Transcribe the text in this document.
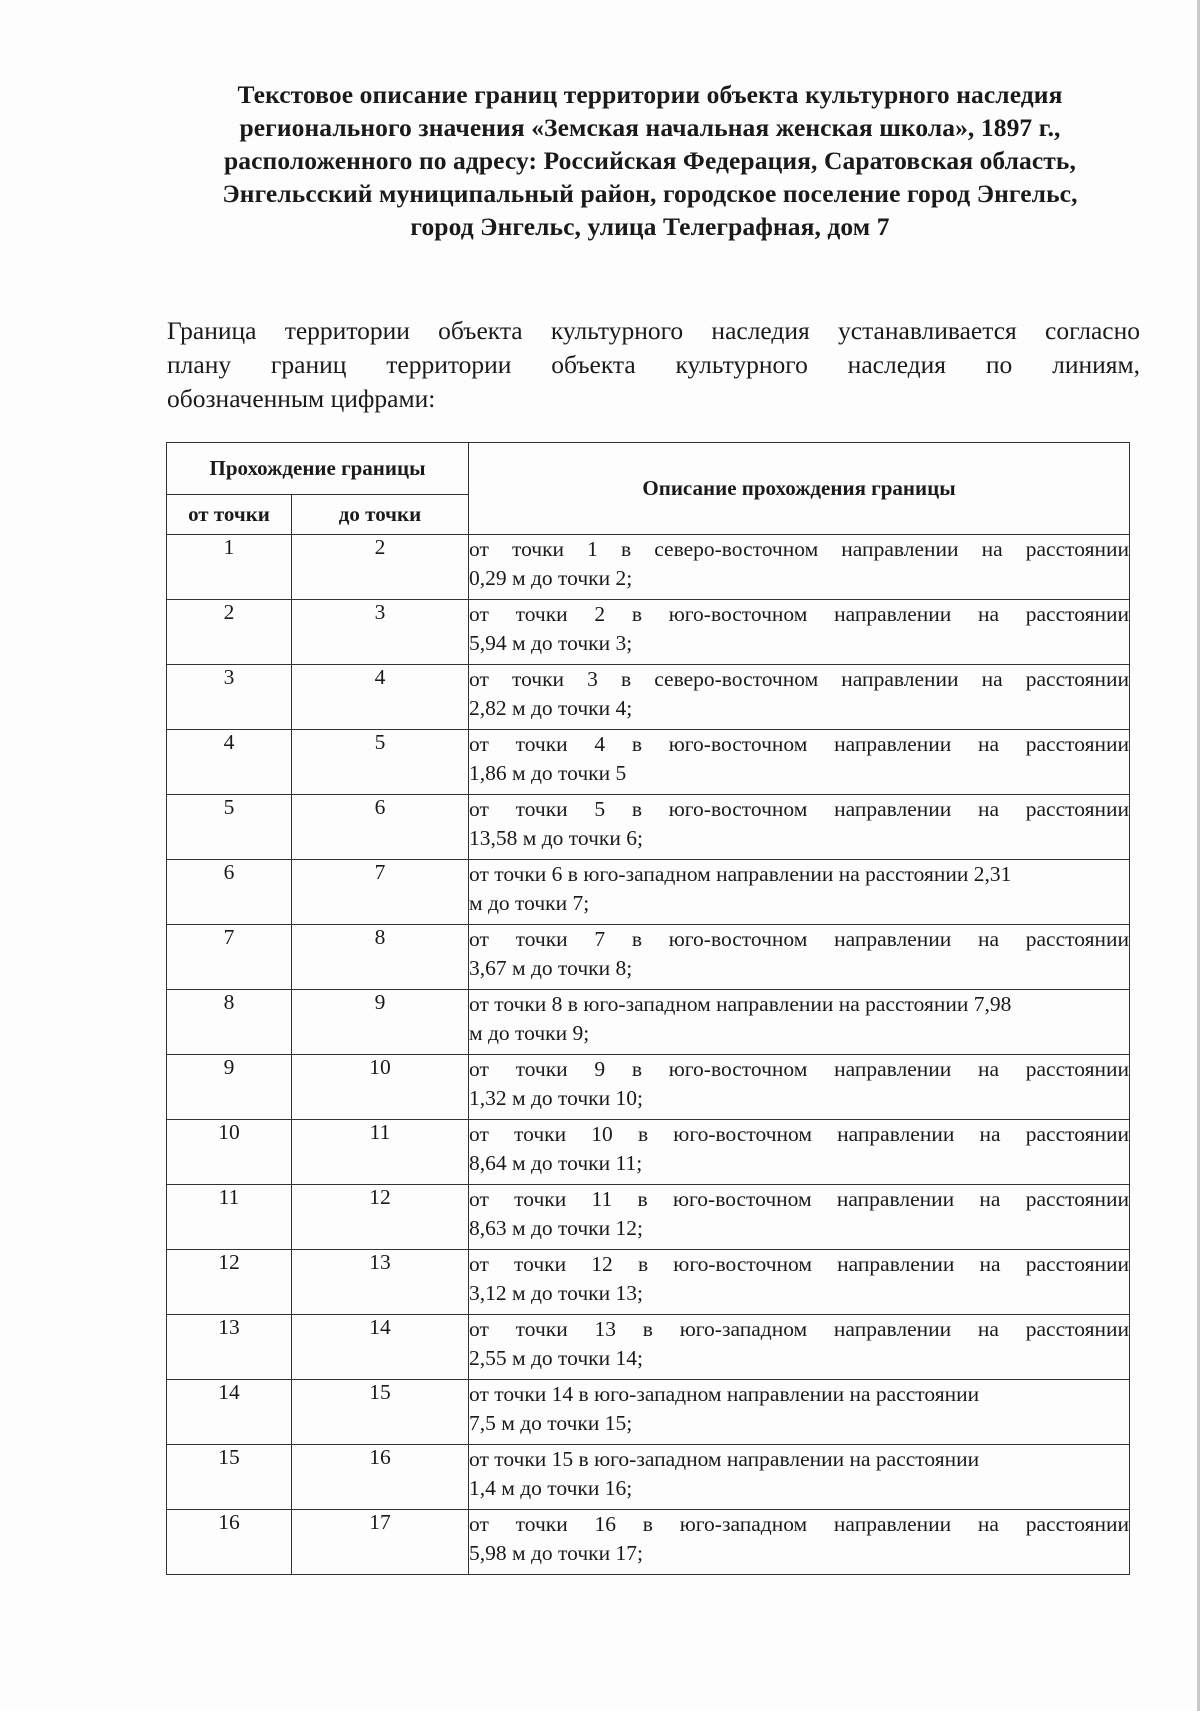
Текстовое описание границ территории объекта культурного наследия
регионального значения «Земская начальная женская школа», 1897 г.,
расположенного по адресу: Российская Федерация, Саратовская область,
Энгельсский муниципальный район, городское поселение город Энгельс,
город Энгельс, улица Телеграфная, дом 7
Граница территории объекта культурного наследия устанавливается согласно
плану границ территории объекта культурного наследия по линиям,
обозначенным цифрами:
Прохождение границы		Описание прохождения границы
от точки	до точки	
1	2	от точки 1 в северо-восточном направлении на расстоянии
0,29 м до точки 2;

2	3	от точки 2 в юго-восточном направлении на расстоянии
5,94 м до точки 3;

3	4	от точки 3 в северо-восточном направлении на расстоянии
2,82 м до точки 4;

4	5	от точки 4 в юго-восточном направлении на расстоянии
1,86 м до точки 5

5	6	от точки 5 в юго-восточном направлении на расстоянии
13,58 м до точки 6;

6	7	от точки 6 в юго-западном направлении на расстоянии 2,31
м до точки 7;

7	8	от точки 7 в юго-восточном направлении на расстоянии
3,67 м до точки 8;

8	9	от точки 8 в юго-западном направлении на расстоянии 7,98
м до точки 9;

9	10	от точки 9 в юго-восточном направлении на расстоянии
1,32 м до точки 10;

10	11	от точки 10 в юго-восточном направлении на расстоянии
8,64 м до точки 11;

11	12	от точки 11 в юго-восточном направлении на расстоянии
8,63 м до точки 12;

12	13	от точки 12 в юго-восточном направлении на расстоянии
3,12 м до точки 13;

13	14	от точки 13 в юго-западном направлении на расстоянии
2,55 м до точки 14;

14	15	от точки 14 в юго-западном направлении на расстоянии
7,5 м до точки 15;

15	16	от точки 15 в юго-западном направлении на расстоянии
1,4 м до точки 16;

16	17	от точки 16 в юго-западном направлении на расстоянии
5,98 м до точки 17;
